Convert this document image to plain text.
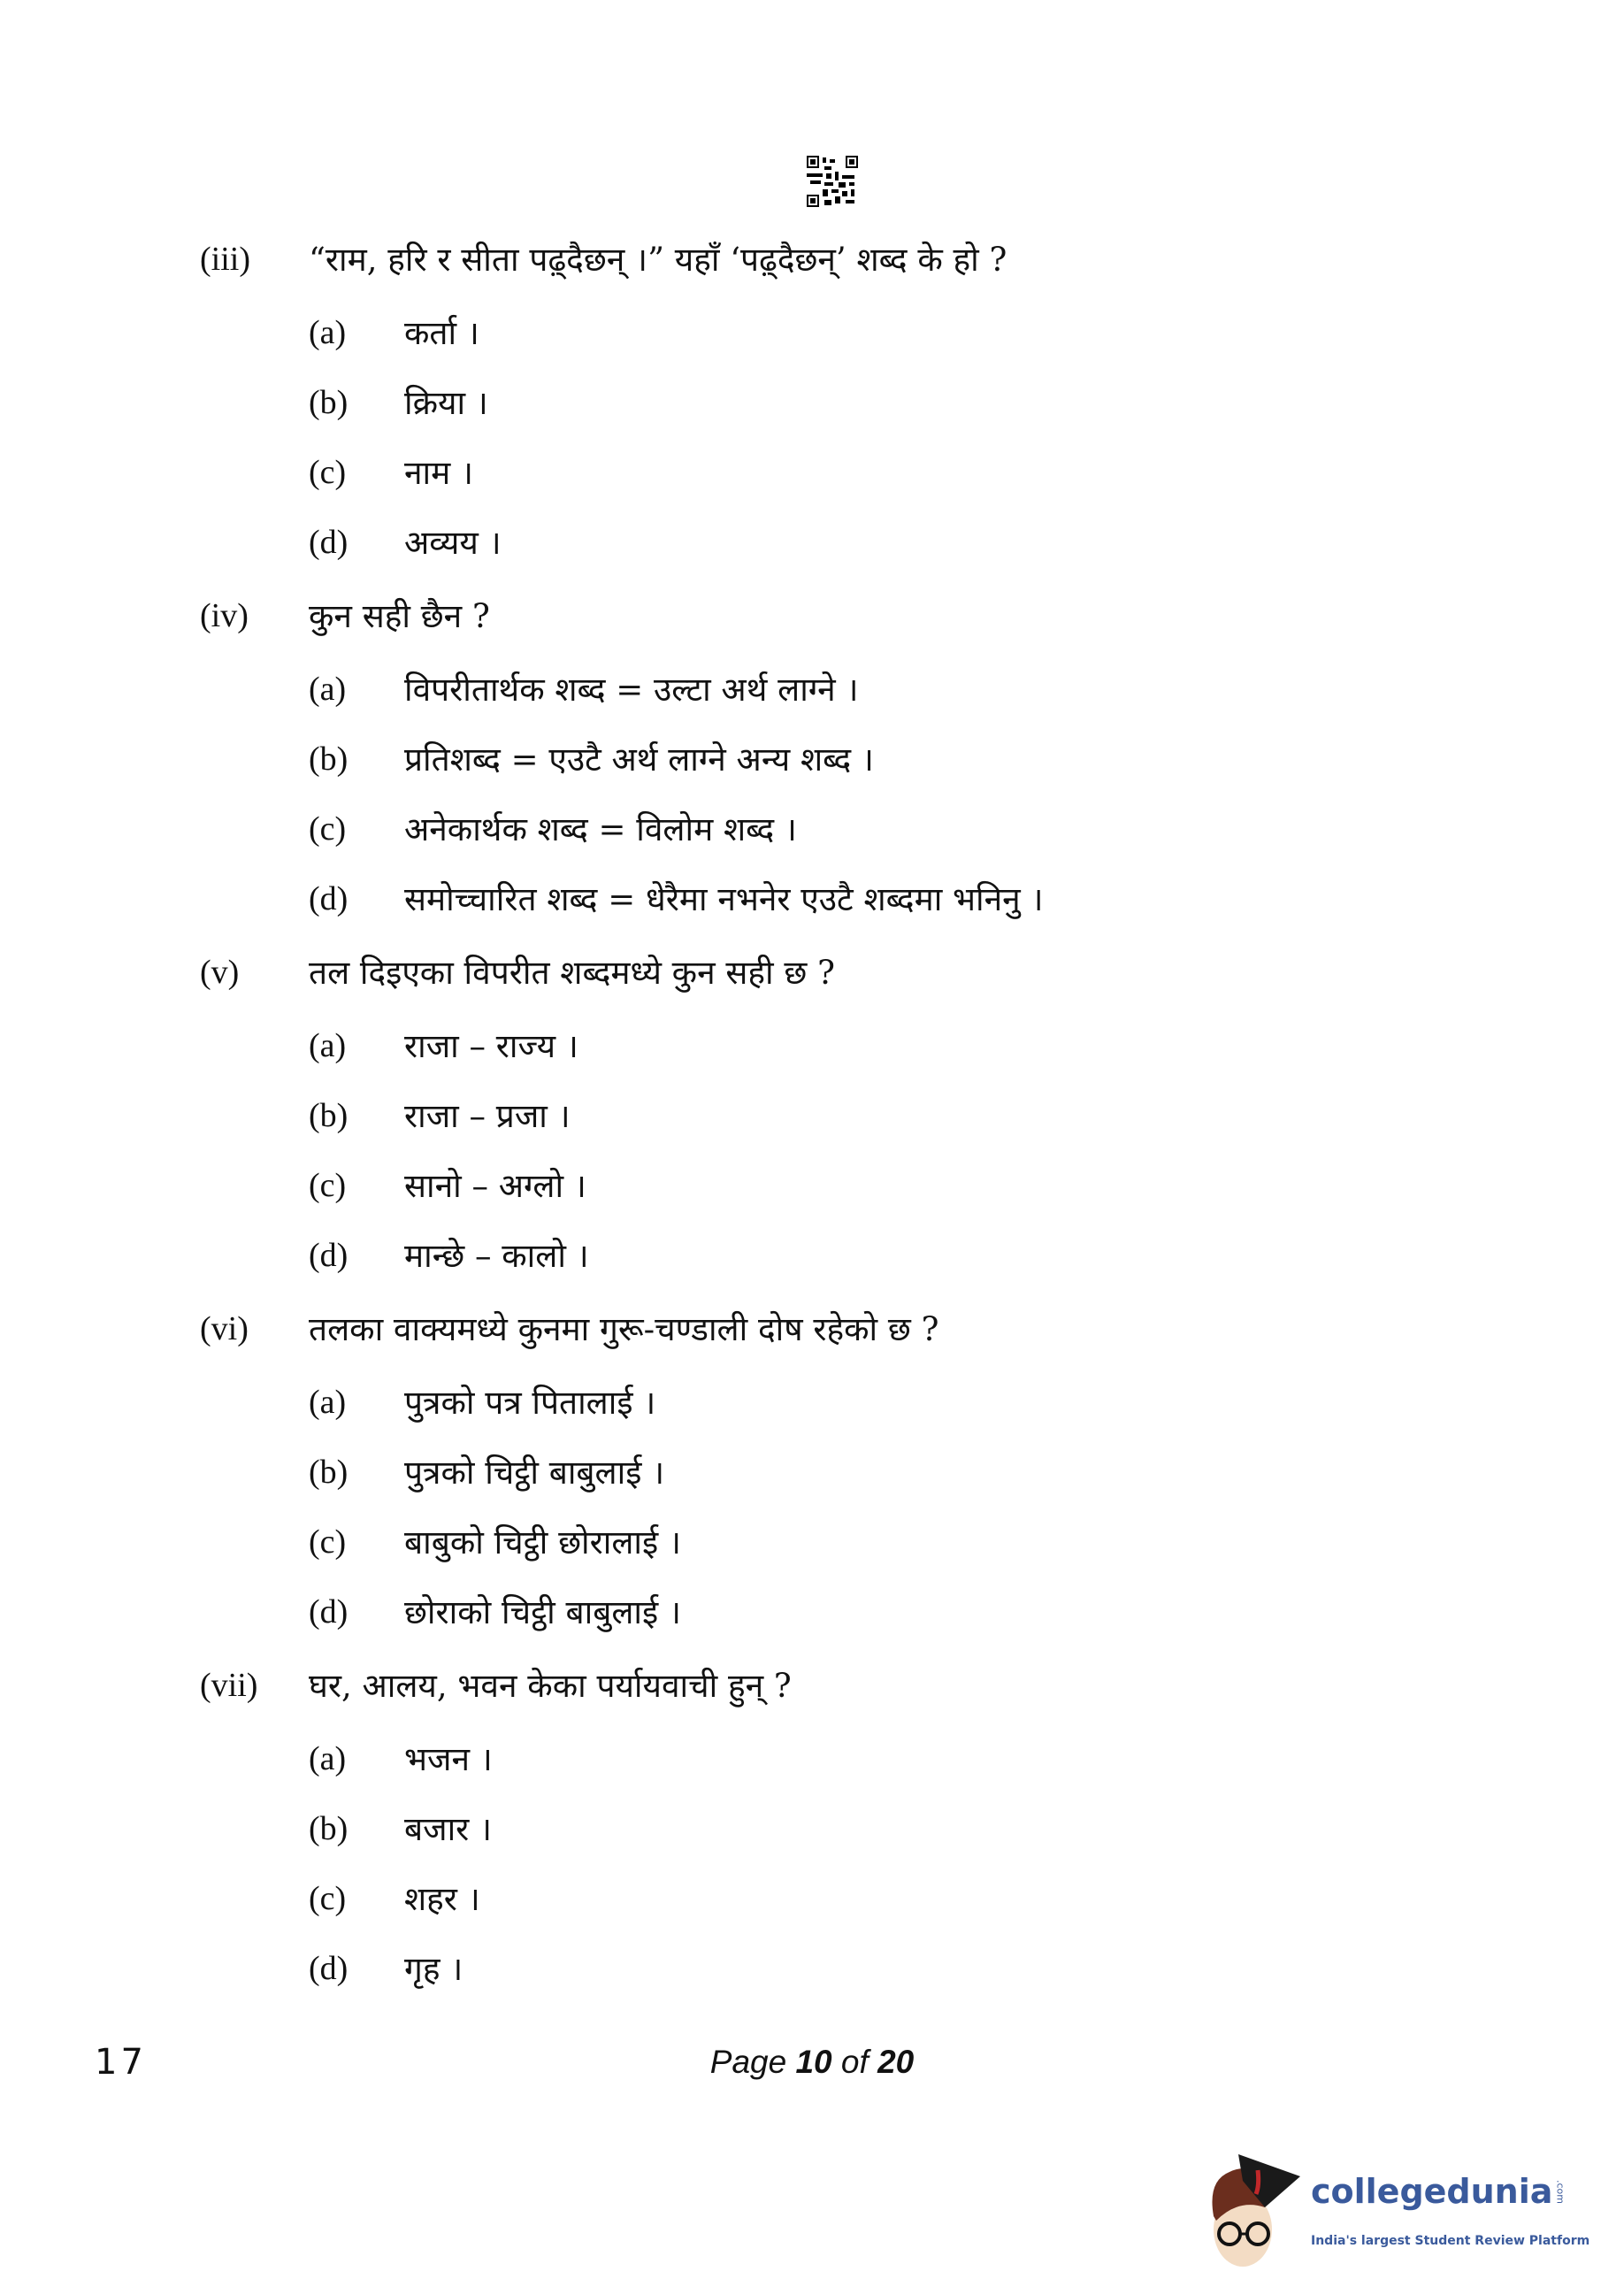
(iii) “राम, हरि र सीता पढ़्दैछन् ।” यहाँ ‘पढ़्दैछन्’ शब्द के हो ?
(a) कर्ता ।
(b) क्रिया ।
(c) नाम ।
(d) अव्यय ।
(iv) कुन सही छैन ?
(a) विपरीतार्थक शब्द = उल्टा अर्थ लाग्ने ।
(b) प्रतिशब्द = एउटै अर्थ लाग्ने अन्य शब्द ।
(c) अनेकार्थक शब्द = विलोम शब्द ।
(d) समोच्चारित शब्द = धेरैमा नभनेर एउटै शब्दमा भनिनु ।
(v) तल दिइएका विपरीत शब्दमध्ये कुन सही छ ?
(a) राजा – राज्य ।
(b) राजा – प्रजा ।
(c) सानो – अग्लो ।
(d) मान्छे – कालो ।
(vi) तलका वाक्यमध्ये कुनमा गुरू-चण्डाली दोष रहेको छ ?
(a) पुत्रको पत्र पितालाई ।
(b) पुत्रको चिट्ठी बाबुलाई ।
(c) बाबुको चिट्ठी छोरालाई ।
(d) छोराको चिट्ठी बाबुलाई ।
(vii) घर, आलय, भवन केका पर्यायवाची हुन् ?
(a) भजन ।
(b) बजार ।
(c) शहर ।
(d) गृह ।
17	Page 10 of 20
collegedunia .com
India's largest Student Review Platform
